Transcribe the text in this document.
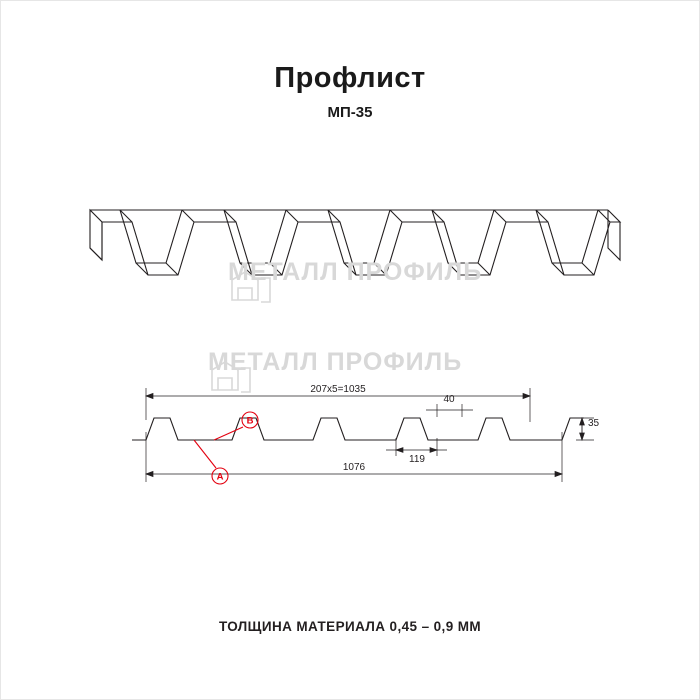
Профлист
МП-35
МЕТАЛЛ ПРОФИЛЬ
1076
207х5=1035
40
119
35
B
A
МЕТАЛЛ ПРОФИЛЬ
ТОЛЩИНА МАТЕРИАЛА 0,45 – 0,9 ММ
